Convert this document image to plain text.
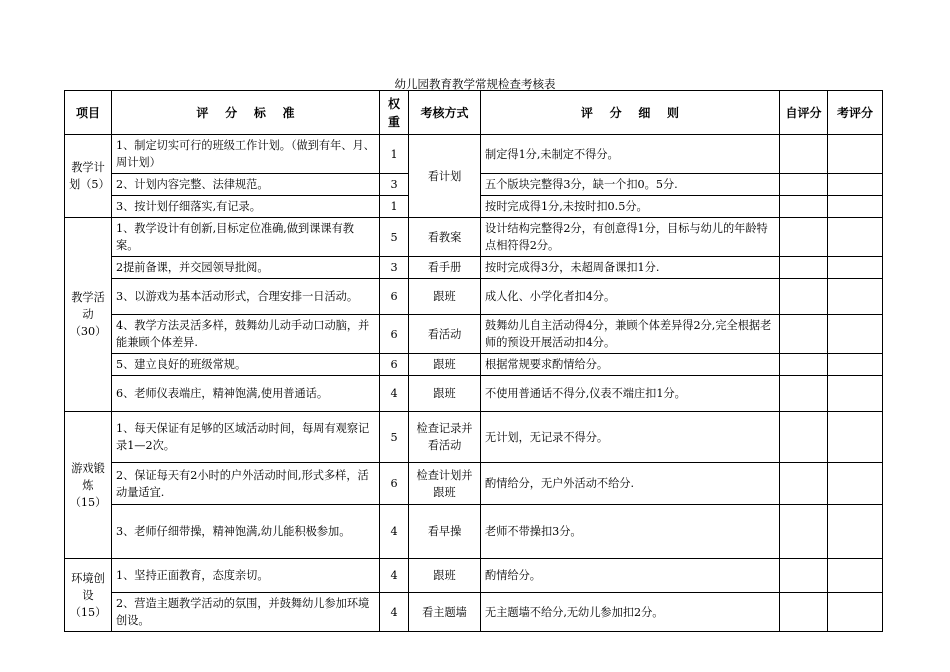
幼儿园教育教学常规检查考核表
项目	评    分    标    准	权重	考核方式	评    分    细    则	自评分	考评分
教学计划（5）	1、制定切实可行的班级工作计划。（做到有年、月、周计划）	1	看计划	制定得1分,未制定不得分。		
	2、计划内容完整、法律规范。	3		五个版块完整得3分，缺一个扣0。5分.		
	3、按计划仔细落实,有记录。	1		按时完成得1分,未按时扣0.5分。		
教学活动（30）	1、教学设计有创新,目标定位准确,做到课课有教案。	5	看教案	设计结构完整得2分，有创意得1分，目标与幼儿的年龄特点相符得2分。		
	2提前备课，并交园领导批阅。	3	看手册	按时完成得3分，未超周备课扣1分.		
	3、以游戏为基本活动形式，合理安排一日活动。	6	跟班	成人化、小学化者扣4分。		
	4、教学方法灵活多样，鼓舞幼儿动手动口动脑，并能兼顾个体差异.	6	看活动	鼓舞幼儿自主活动得4分，兼顾个体差异得2分,完全根据老师的预设开展活动扣4分。		
	5、建立良好的班级常规。	6	跟班	根据常规要求酌情给分。		
	6、老师仪表端庄，精神饱满,使用普通话。	4	跟班	不使用普通话不得分,仪表不端庄扣1分。		
游戏锻炼（15）	1、每天保证有足够的区域活动时间，每周有观察记录1—2次。	5	检查记录并看活动	无计划，无记录不得分。		
	2、保证每天有2小时的户外活动时间,形式多样，活动量适宜.	6	检查计划并跟班	酌情给分，无户外活动不给分.		
	3、老师仔细带操，精神饱满,幼儿能积极参加。	4	看早操	老师不带操扣3分。		
环境创设（15）	1、坚持正面教育，态度亲切。	4	跟班	酌情给分。		
	2、营造主题教学活动的氛围，并鼓舞幼儿参加环境创设。	4	看主题墙	无主题墙不给分,无幼儿参加扣2分。		
